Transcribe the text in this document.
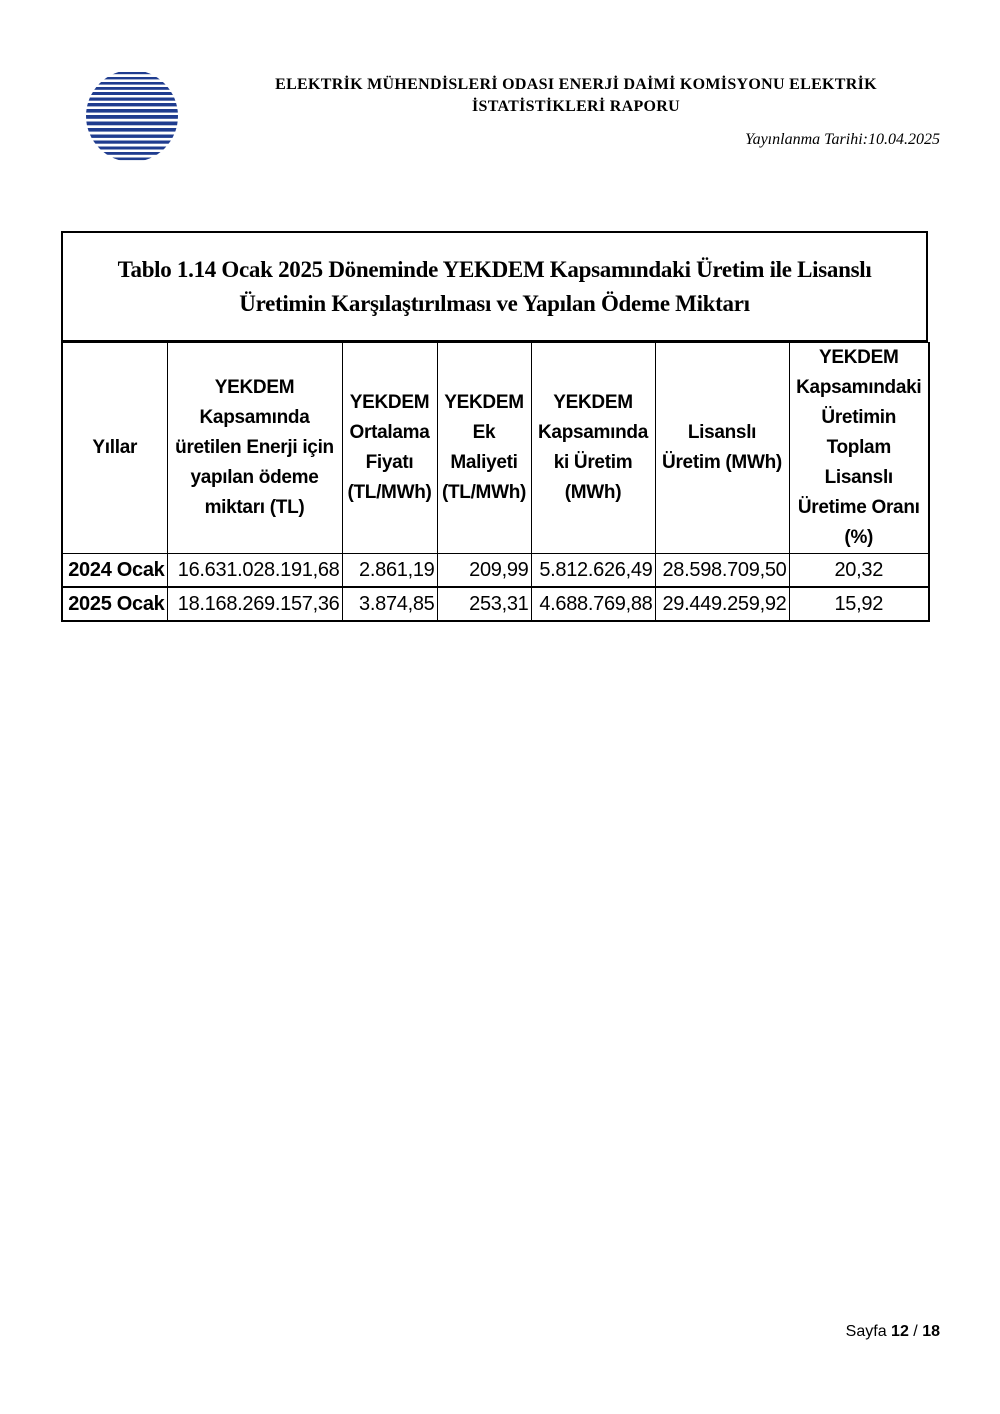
ELEKTRİK MÜHENDİSLERİ ODASI ENERJİ DAİMİ KOMİSYONU ELEKTRİK
İSTATİSTİKLERİ RAPORU
Yayınlanma Tarihi:10.04.2025
Tablo 1.14 Ocak 2025 Döneminde YEKDEM Kapsamındaki Üretim ile Lisanslı
Üretimin Karşılaştırılması ve Yapılan Ödeme Miktarı
Yıllar	YEKDEM Kapsamında üretilen Enerji için yapılan ödeme miktarı (TL)	YEKDEM Ortalama Fiyatı (TL/MWh)	YEKDEM Ek Maliyeti (TL/MWh)	YEKDEM Kapsamında ki Üretim (MWh)	Lisanslı Üretim (MWh)	YEKDEM Kapsamındaki Üretimin Toplam Lisanslı Üretime Oranı (%)
2024 Ocak	16.631.028.191,68	2.861,19	209,99	5.812.626,49	28.598.709,50	20,32
2025 Ocak	18.168.269.157,36	3.874,85	253,31	4.688.769,88	29.449.259,92	15,92
Sayfa 12 / 18
